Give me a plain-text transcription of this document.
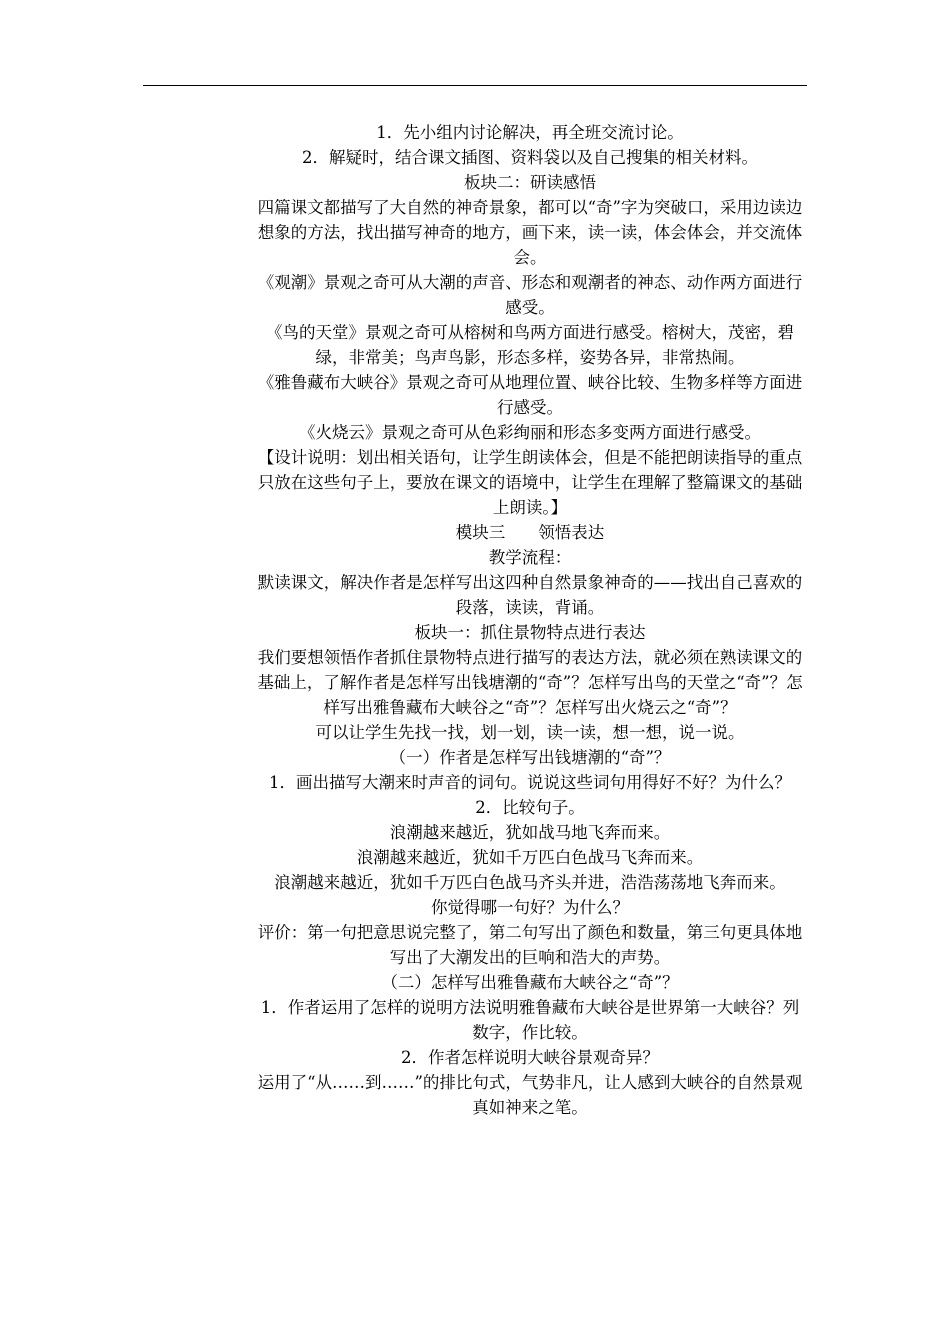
1．先小组内讨论解决，再全班交流讨论。

2．解疑时，结合课文插图、资料袋以及自己搜集的相关材料。

板块二：研读感悟

四篇课文都描写了大自然的神奇景象，都可以“奇”字为突破口，采用边读边想象的方法，找出描写神奇的地方，画下来，读一读，体会体会，并交流体会。

《观潮》景观之奇可从大潮的声音、形态和观潮者的神态、动作两方面进行感受。

《鸟的天堂》景观之奇可从榕树和鸟两方面进行感受。榕树大，茂密，碧绿，非常美；鸟声鸟影，形态多样，姿势各异，非常热闹。

《雅鲁藏布大峡谷》景观之奇可从地理位置、峡谷比较、生物多样等方面进行感受。

《火烧云》景观之奇可从色彩绚丽和形态多变两方面进行感受。

【设计说明：划出相关语句，让学生朗读体会，但是不能把朗读指导的重点只放在这些句子上，要放在课文的语境中，让学生在理解了整篇课文的基础上朗读。】

模块三　　领悟表达

教学流程：

默读课文，解决作者是怎样写出这四种自然景象神奇的——找出自己喜欢的段落，读读，背诵。

板块一：抓住景物特点进行表达

我们要想领悟作者抓住景物特点进行描写的表达方法，就必须在熟读课文的基础上，了解作者是怎样写出钱塘潮的“奇”？怎样写出鸟的天堂之“奇”？怎样写出雅鲁藏布大峡谷之“奇”？怎样写出火烧云之“奇”？

可以让学生先找一找，划一划，读一读，想一想，说一说。

（一）作者是怎样写出钱塘潮的“奇”？

1．画出描写大潮来时声音的词句。说说这些词句用得好不好？为什么？

2．比较句子。

浪潮越来越近，犹如战马地飞奔而来。

浪潮越来越近，犹如千万匹白色战马飞奔而来。

浪潮越来越近，犹如千万匹白色战马齐头并进，浩浩荡荡地飞奔而来。

你觉得哪一句好？为什么？

评价：第一句把意思说完整了，第二句写出了颜色和数量，第三句更具体地写出了大潮发出的巨响和浩大的声势。

（二）怎样写出雅鲁藏布大峡谷之“奇”？

1．作者运用了怎样的说明方法说明雅鲁藏布大峡谷是世界第一大峡谷？列数字，作比较。

2．作者怎样说明大峡谷景观奇异？

运用了“从……到……”的排比句式，气势非凡，让人感到大峡谷的自然景观真如神来之笔。
